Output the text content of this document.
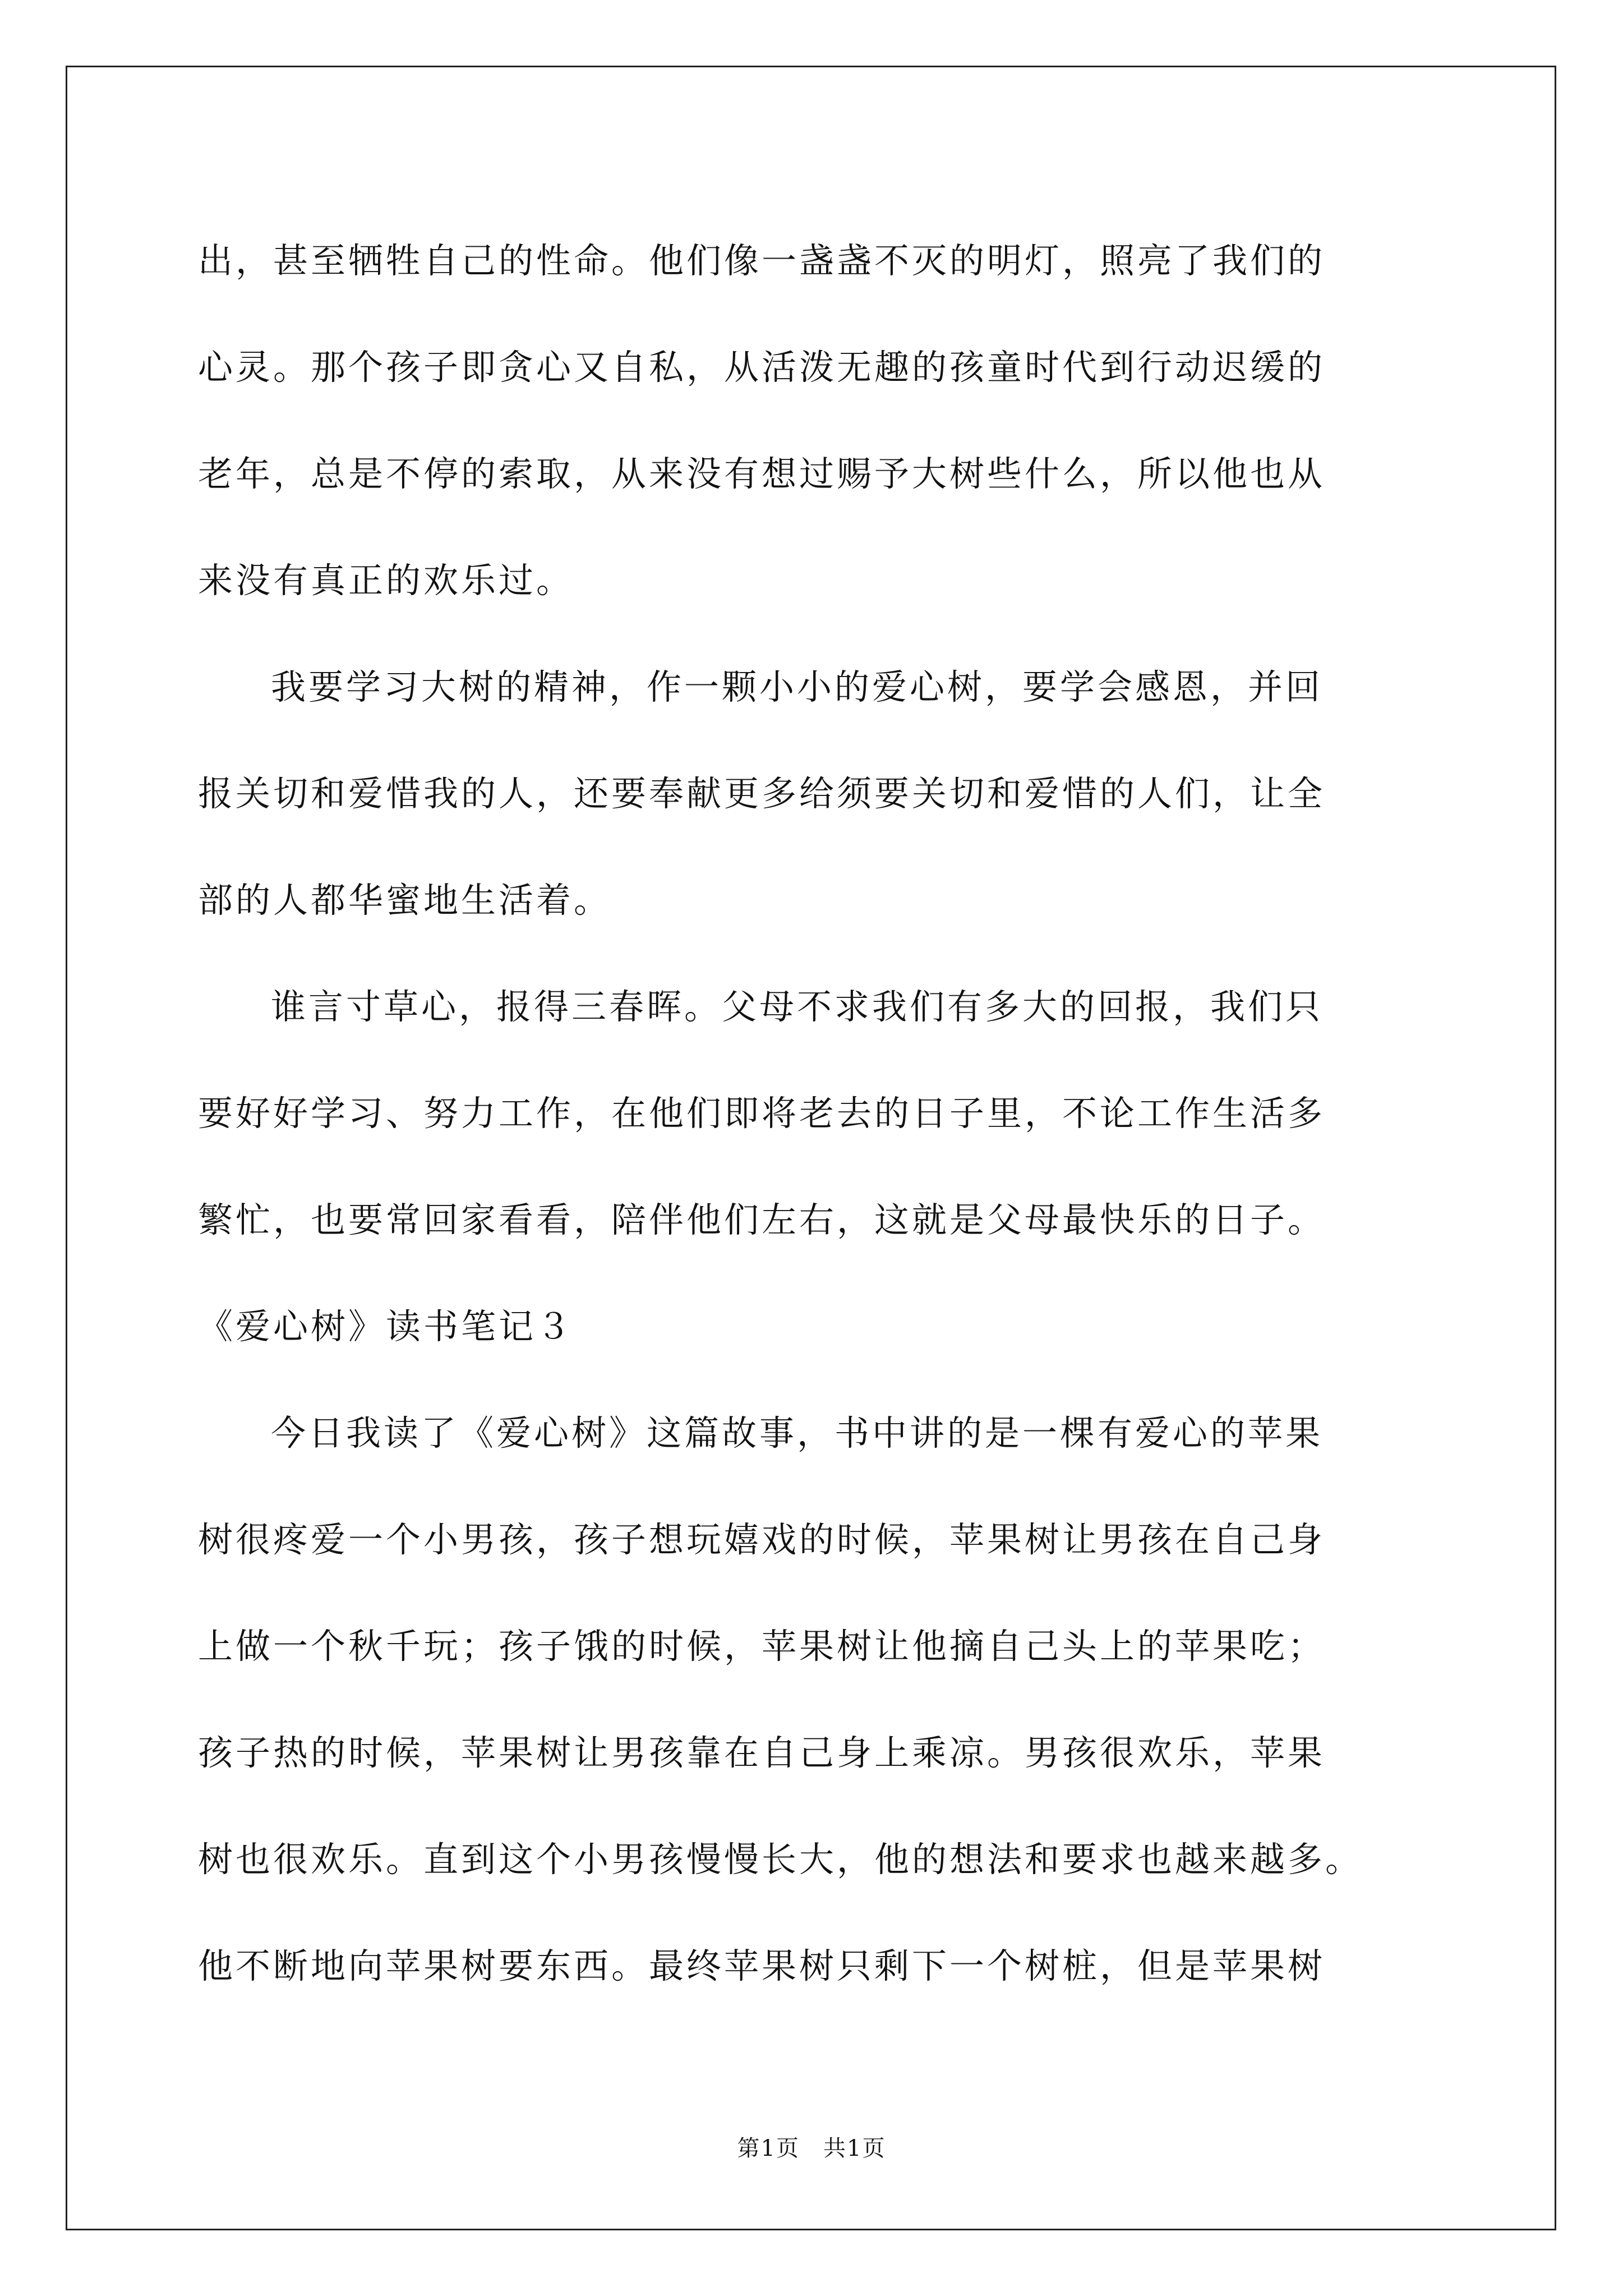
出，甚至牺牲自己的性命。他们像一盏盏不灭的明灯，照亮了我们的
心灵。那个孩子即贪心又自私，从活泼无趣的孩童时代到行动迟缓的
老年，总是不停的索取，从来没有想过赐予大树些什么，所以他也从
来没有真正的欢乐过。
我要学习大树的精神，作一颗小小的爱心树，要学会感恩，并回
报关切和爱惜我的人，还要奉献更多给须要关切和爱惜的人们，让全
部的人都华蜜地生活着。
谁言寸草心，报得三春晖。父母不求我们有多大的回报，我们只
要好好学习、努力工作，在他们即将老去的日子里，不论工作生活多
繁忙，也要常回家看看，陪伴他们左右，这就是父母最快乐的日子。
《爱心树》读书笔记３
今日我读了《爱心树》这篇故事，书中讲的是一棵有爱心的苹果
树很疼爱一个小男孩，孩子想玩嬉戏的时候，苹果树让男孩在自己身
上做一个秋千玩；孩子饿的时候，苹果树让他摘自己头上的苹果吃；
孩子热的时候，苹果树让男孩靠在自己身上乘凉。男孩很欢乐，苹果
树也很欢乐。直到这个小男孩慢慢长大，他的想法和要求也越来越多。
他不断地向苹果树要东西。最终苹果树只剩下一个树桩，但是苹果树
第1页 共1页
